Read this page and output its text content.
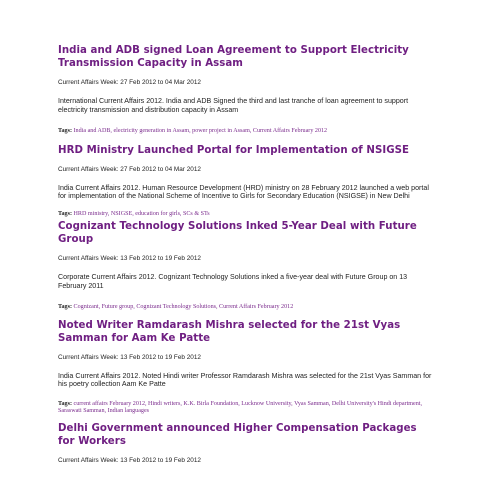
India and ADB signed Loan Agreement to Support Electricity Transmission Capacity in Assam

Current Affairs Week: 27 Feb 2012 to 04 Mar 2012

International Current Affairs 2012. India and ADB Signed the third and last tranche of loan agreement to support electricity transmission and distribution capacity in Assam

Tags: India and ADB, electricity generation in Assam, power project in Assam, Current Affairs February 2012

HRD Ministry Launched Portal for Implementation of NSIGSE

Current Affairs Week: 27 Feb 2012 to 04 Mar 2012

India Current Affairs 2012. Human Resource Development (HRD) ministry on 28 February 2012 launched a web portal for implementation of the National Scheme of Incentive to Girls for Secondary Education (NSIGSE) in New Delhi

Tags: HRD ministry, NSIGSE, education for girls, SCs & STs

Cognizant Technology Solutions Inked 5-Year Deal with Future Group

Current Affairs Week: 13 Feb 2012 to 19 Feb 2012

Corporate Current Affairs 2012. Cognizant Technology Solutions inked a five-year deal with Future Group on 13 February 2011

Tags: Cognizant, Future group, Cognizant Technology Solutions, Current Affairs February 2012

Noted Writer Ramdarash Mishra selected for the 21st Vyas Samman for Aam Ke Patte

Current Affairs Week: 13 Feb 2012 to 19 Feb 2012

India Current Affairs 2012. Noted Hindi writer Professor Ramdarash Mishra was selected for the 21st Vyas Samman for his poetry collection Aam Ke Patte

Tags: current affairs February 2012, Hindi writers, K.K. Birla Foundation, Lucknow University, Vyas Samman, Delhi University's Hindi department, Saraswati Samman, Indian languages

Delhi Government announced Higher Compensation Packages for Workers

Current Affairs Week: 13 Feb 2012 to 19 Feb 2012
